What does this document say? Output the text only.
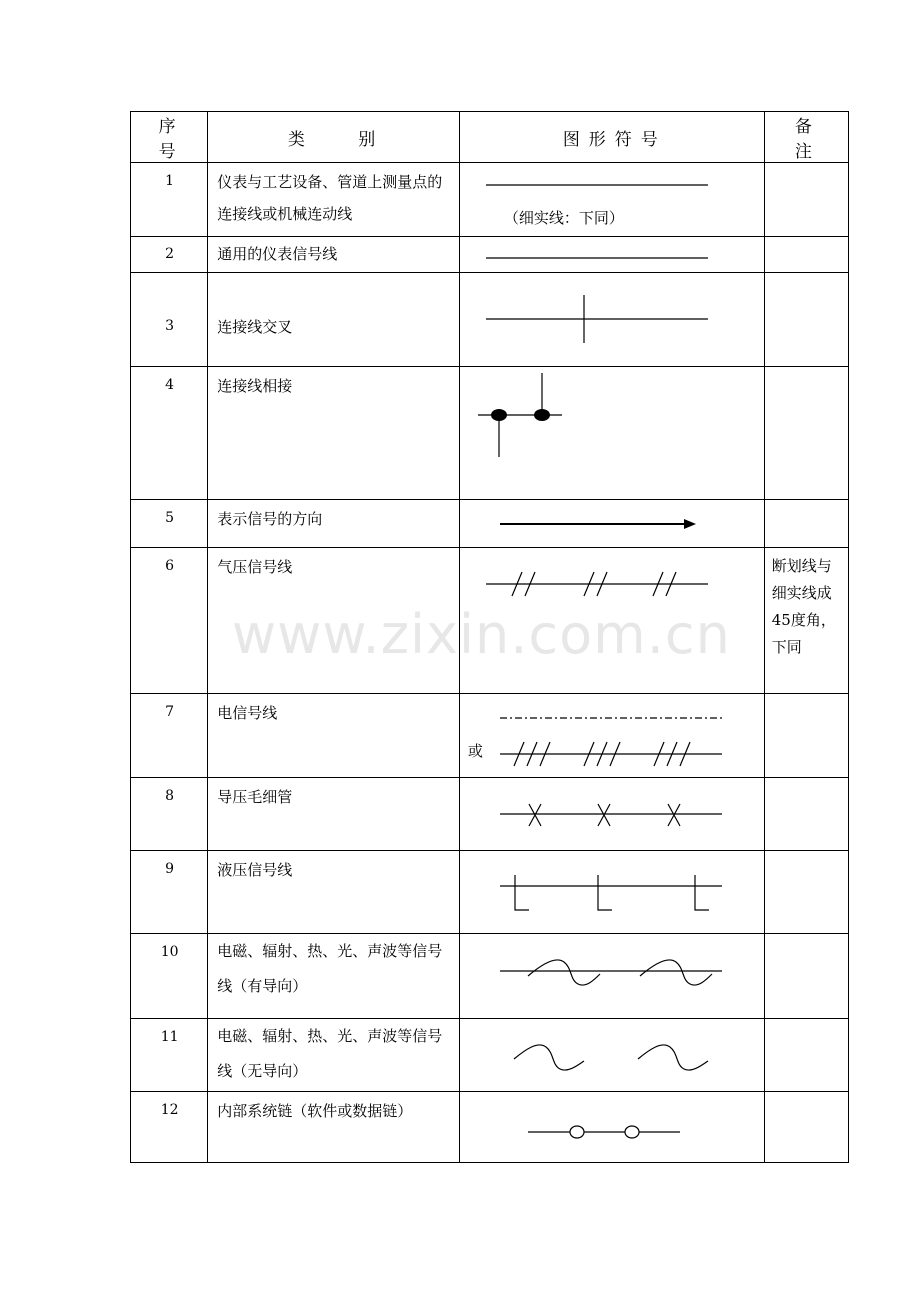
序 号	类 别	图形符号	备 注

1	仪表与工艺设备、管道上测量点的连接线或机械连动线	（细实线：下同）	

2	通用的仪表信号线

3	连接线交叉

4	连接线相接

5	表示信号的方向

6	气压信号线		断划线与细实线成45度角，下同

7	电信号线	或	

8	导压毛细管

9	液压信号线

10	电磁、辐射、热、光、声波等信号线（有导向）

11	电磁、辐射、热、光、声波等信号线（无导向）

12	内部系统链（软件或数据链）

www.zixin.com.cn
